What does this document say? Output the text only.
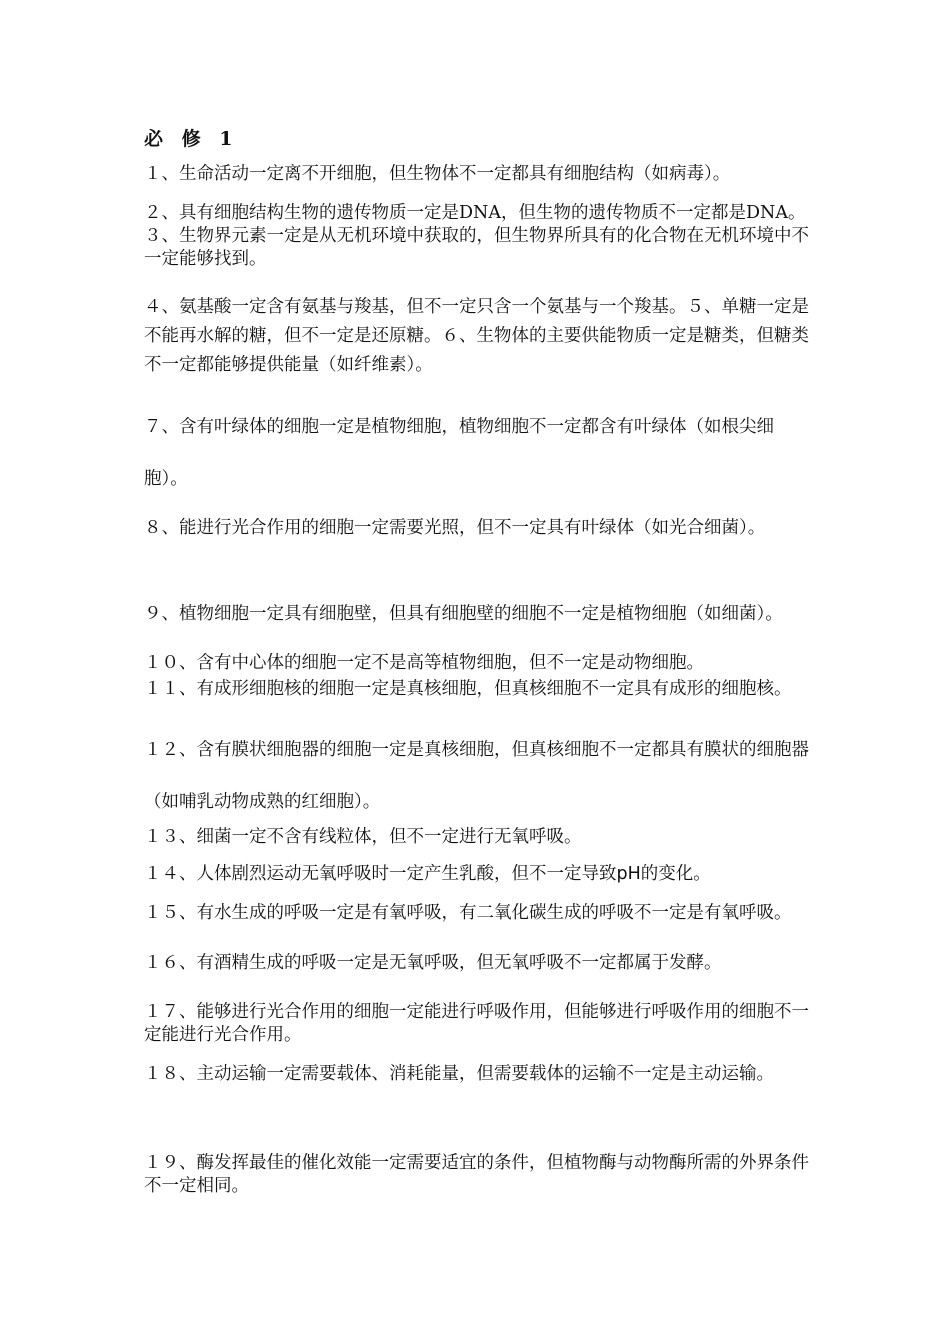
必 修 1

１、生命活动一定离不开细胞，但生物体不一定都具有细胞结构（如病毒）。

２、具有细胞结构生物的遗传物质一定是DNA，但生物的遗传物质不一定都是DNA。３、生物界元素一定是从无机环境中获取的，但生物界所具有的化合物在无机环境中不一定能够找到。

４、氨基酸一定含有氨基与羧基，但不一定只含一个氨基与一个羧基。５、单糖一定是不能再水解的糖，但不一定是还原糖。６、生物体的主要供能物质一定是糖类，但糖类不一定都能够提供能量（如纤维素）。

７、含有叶绿体的细胞一定是植物细胞，植物细胞不一定都含有叶绿体（如根尖细胞）。

８、能进行光合作用的细胞一定需要光照，但不一定具有叶绿体（如光合细菌）。

９、植物细胞一定具有细胞壁，但具有细胞壁的细胞不一定是植物细胞（如细菌）。

１０、含有中心体的细胞一定不是高等植物细胞，但不一定是动物细胞。

１１、有成形细胞核的细胞一定是真核细胞，但真核细胞不一定具有成形的细胞核。

１２、含有膜状细胞器的细胞一定是真核细胞，但真核细胞不一定都具有膜状的细胞器（如哺乳动物成熟的红细胞）。

１３、细菌一定不含有线粒体，但不一定进行无氧呼吸。

１４、人体剧烈运动无氧呼吸时一定产生乳酸，但不一定导致pH的变化。

１５、有水生成的呼吸一定是有氧呼吸，有二氧化碳生成的呼吸不一定是有氧呼吸。

１６、有酒精生成的呼吸一定是无氧呼吸，但无氧呼吸不一定都属于发酵。

１７、能够进行光合作用的细胞一定能进行呼吸作用，但能够进行呼吸作用的细胞不一定能进行光合作用。

１８、主动运输一定需要载体、消耗能量，但需要载体的运输不一定是主动运输。

１９、酶发挥最佳的催化效能一定需要适宜的条件，但植物酶与动物酶所需的外界条件不一定相同。
